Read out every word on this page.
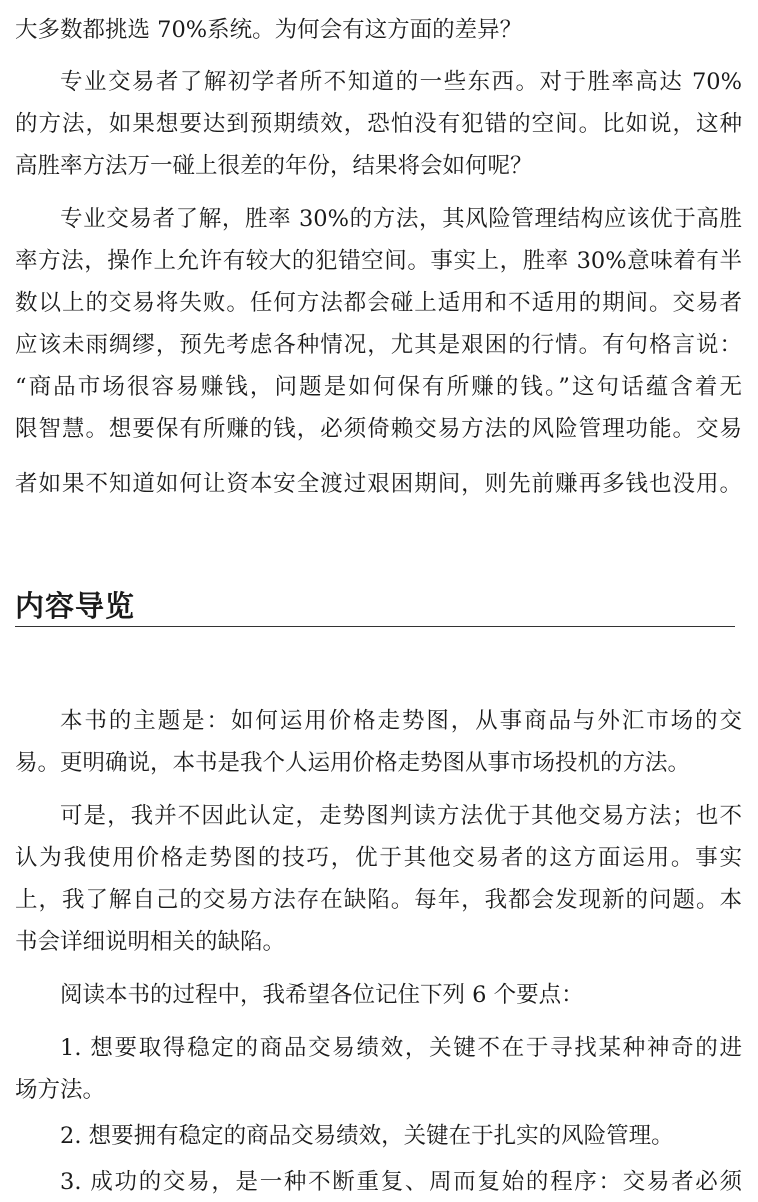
大多数都挑选 70%系统。为何会有这方面的差异？
专业交易者了解初学者所不知道的一些东西。对于胜率高达 70%
的方法，如果想要达到预期绩效，恐怕没有犯错的空间。比如说，这种
高胜率方法万一碰上很差的年份，结果将会如何呢？
专业交易者了解，胜率 30%的方法，其风险管理结构应该优于高胜
率方法，操作上允许有较大的犯错空间。事实上，胜率 30%意味着有半
数以上的交易将失败。任何方法都会碰上适用和不适用的期间。交易者
应该未雨绸缪，预先考虑各种情况，尤其是艰困的行情。有句格言说：
“商品市场很容易赚钱，问题是如何保有所赚的钱。”这句话蕴含着无
限智慧。想要保有所赚的钱，必须倚赖交易方法的风险管理功能。交易
者如果不知道如何让资本安全渡过艰困期间，则先前赚再多钱也没用。
内容导览
本书的主题是：如何运用价格走势图，从事商品与外汇市场的交
易。更明确说，本书是我个人运用价格走势图从事市场投机的方法。
可是，我并不因此认定，走势图判读方法优于其他交易方法；也不
认为我使用价格走势图的技巧，优于其他交易者的这方面运用。事实
上，我了解自己的交易方法存在缺陷。每年，我都会发现新的问题。本
书会详细说明相关的缺陷。
阅读本书的过程中，我希望各位记住下列 6 个要点：
1. 想要取得稳定的商品交易绩效，关键不在于寻找某种神奇的进
场方法。
2. 想要拥有稳定的商品交易绩效，关键在于扎实的风险管理。
3. 成功的交易，是一种不断重复、周而复始的程序：交易者必须
